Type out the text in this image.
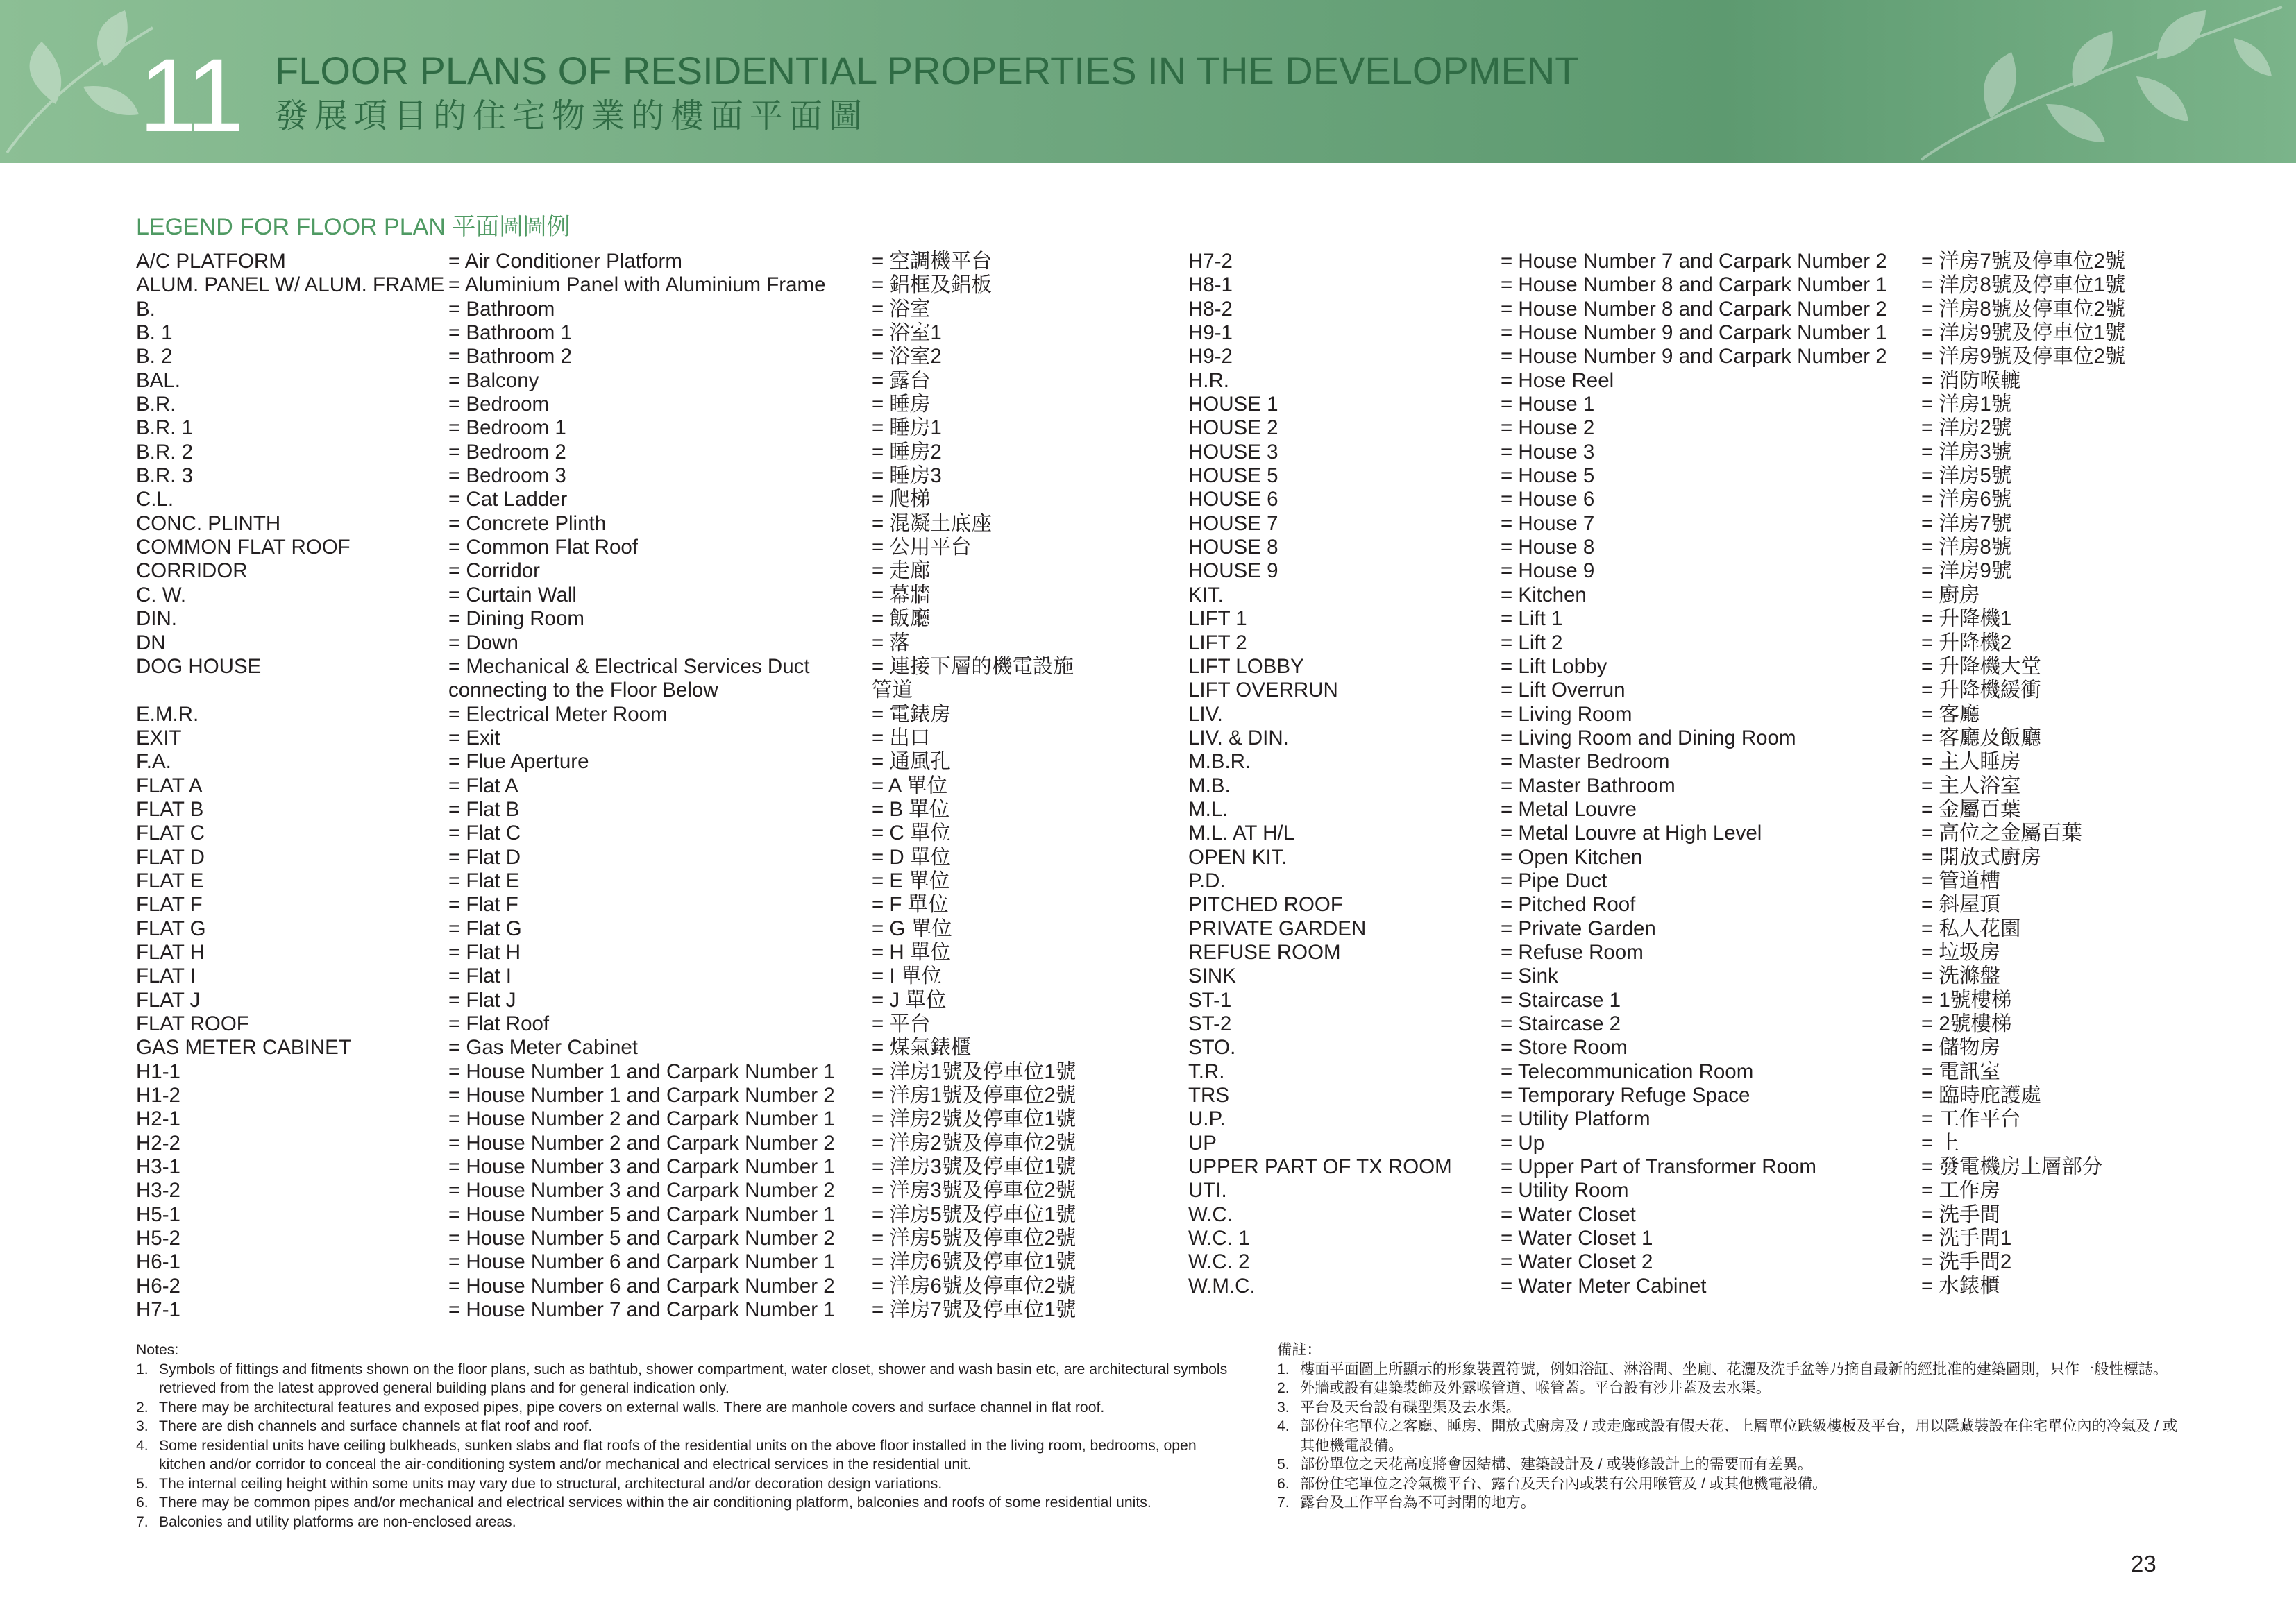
11 FLOOR PLANS OF RESIDENTIAL PROPERTIES IN THE DEVELOPMENT
發展項目的住宅物業的樓面平面圖
LEGEND FOR FLOOR PLAN 平面圖圖例
A/C PLATFORM	= Air Conditioner Platform	= 空調機平台
ALUM. PANEL W/ ALUM. FRAME = Aluminium Panel with Aluminium Frame = 鋁框及鋁板
B.	= Bathroom	= 浴室
B. 1	= Bathroom 1	= 浴室1
B. 2	= Bathroom 2	= 浴室2
BAL.	= Balcony	= 露台
B.R.	= Bedroom	= 睡房
B.R. 1	= Bedroom 1	= 睡房1
B.R. 2	= Bedroom 2	= 睡房2
B.R. 3	= Bedroom 3	= 睡房3
C.L.	= Cat Ladder	= 爬梯
CONC. PLINTH	= Concrete Plinth	= 混凝土底座
COMMON FLAT ROOF	= Common Flat Roof	= 公用平台
CORRIDOR	= Corridor	= 走廊
C. W.	= Curtain Wall	= 幕牆
DIN.	= Dining Room	= 飯廳
DN	= Down	= 落
DOG HOUSE	= Mechanical & Electrical Services Duct	= 連接下層的機電設施
connecting to the Floor Below	管道
E.M.R.	= Electrical Meter Room	= 電錶房
EXIT	= Exit	= 出口
F.A.	= Flue Aperture	= 通風孔
FLAT A	= Flat A	= A 單位
FLAT B	= Flat B	= B 單位
FLAT C	= Flat C	= C 單位
FLAT D	= Flat D	= D 單位
FLAT E	= Flat E	= E 單位
FLAT F	= Flat F	= F 單位
FLAT G	= Flat G	= G 單位
FLAT H	= Flat H	= H 單位
FLAT I	= Flat I	= I 單位
FLAT J	= Flat J	= J 單位
FLAT ROOF	= Flat Roof	= 平台
GAS METER CABINET	= Gas Meter Cabinet	= 煤氣錶櫃
H1-1	= House Number 1 and Carpark Number 1 = 洋房1號及停車位1號
H1-2	= House Number 1 and Carpark Number 2 = 洋房1號及停車位2號
H2-1	= House Number 2 and Carpark Number 1 = 洋房2號及停車位1號
H2-2	= House Number 2 and Carpark Number 2 = 洋房2號及停車位2號
H3-1	= House Number 3 and Carpark Number 1 = 洋房3號及停車位1號
H3-2	= House Number 3 and Carpark Number 2 = 洋房3號及停車位2號
H5-1	= House Number 5 and Carpark Number 1 = 洋房5號及停車位1號
H5-2	= House Number 5 and Carpark Number 2 = 洋房5號及停車位2號
H6-1	= House Number 6 and Carpark Number 1 = 洋房6號及停車位1號
H6-2	= House Number 6 and Carpark Number 2 = 洋房6號及停車位2號
H7-1	= House Number 7 and Carpark Number 1 = 洋房7號及停車位1號
H7-2	= House Number 7 and Carpark Number 2 = 洋房7號及停車位2號
H8-1	= House Number 8 and Carpark Number 1 = 洋房8號及停車位1號
H8-2	= House Number 8 and Carpark Number 2 = 洋房8號及停車位2號
H9-1	= House Number 9 and Carpark Number 1 = 洋房9號及停車位1號
H9-2	= House Number 9 and Carpark Number 2 = 洋房9號及停車位2號
H.R.	= Hose Reel	= 消防喉轆
HOUSE 1	= House 1	= 洋房1號
HOUSE 2	= House 2	= 洋房2號
HOUSE 3	= House 3	= 洋房3號
HOUSE 5	= House 5	= 洋房5號
HOUSE 6	= House 6	= 洋房6號
HOUSE 7	= House 7	= 洋房7號
HOUSE 8	= House 8	= 洋房8號
HOUSE 9	= House 9	= 洋房9號
KIT.	= Kitchen	= 廚房
LIFT 1	= Lift 1	= 升降機1
LIFT 2	= Lift 2	= 升降機2
LIFT LOBBY	= Lift Lobby	= 升降機大堂
LIFT OVERRUN	= Lift Overrun	= 升降機緩衝
LIV.	= Living Room	= 客廳
LIV. & DIN.	= Living Room and Dining Room	= 客廳及飯廳
M.B.R.	= Master Bedroom	= 主人睡房
M.B.	= Master Bathroom	= 主人浴室
M.L.	= Metal Louvre	= 金屬百葉
M.L. AT H/L	= Metal Louvre at High Level	= 高位之金屬百葉
OPEN KIT.	= Open Kitchen	= 開放式廚房
P.D.	= Pipe Duct	= 管道槽
PITCHED ROOF	= Pitched Roof	= 斜屋頂
PRIVATE GARDEN	= Private Garden	= 私人花園
REFUSE ROOM	= Refuse Room	= 垃圾房
SINK	= Sink	= 洗滌盤
ST-1	= Staircase 1	= 1號樓梯
ST-2	= Staircase 2	= 2號樓梯
STO.	= Store Room	= 儲物房
T.R.	= Telecommunication Room	= 電訊室
TRS	= Temporary Refuge Space	= 臨時庇護處
U.P.	= Utility Platform	= 工作平台
UP	= Up	= 上
UPPER PART OF TX ROOM = Upper Part of Transformer Room	= 發電機房上層部分
UTI.	= Utility Room	= 工作房
W.C.	= Water Closet	= 洗手間
W.C. 1	= Water Closet 1	= 洗手間1
W.C. 2	= Water Closet 2	= 洗手間2
W.M.C.	= Water Meter Cabinet	= 水錶櫃
Notes:
1. Symbols of fittings and fitments shown on the floor plans, such as bathtub, shower compartment, water closet, shower and wash basin etc, are architectural symbols retrieved from the latest approved general building plans and for general indication only.
2. There may be architectural features and exposed pipes, pipe covers on external walls. There are manhole covers and surface channel in flat roof.
3. There are dish channels and surface channels at flat roof and roof.
4. Some residential units have ceiling bulkheads, sunken slabs and flat roofs of the residential units on the above floor installed in the living room, bedrooms, open kitchen and/or corridor to conceal the air-conditioning system and/or mechanical and electrical services in the residential unit.
5. The internal ceiling height within some units may vary due to structural, architectural and/or decoration design variations.
6. There may be common pipes and/or mechanical and electrical services within the air conditioning platform, balconies and roofs of some residential units.
7. Balconies and utility platforms are non-enclosed areas.
備註：
1. 樓面平面圖上所顯示的形象裝置符號，例如浴缸、淋浴間、坐廁、花灑及洗手盆等乃摘自最新的經批准的建築圖則，只作一般性標誌。
2. 外牆或設有建築裝飾及外露喉管道、喉管蓋。平台設有沙井蓋及去水渠。
3. 平台及天台設有碟型渠及去水渠。
4. 部份住宅單位之客廳、睡房、開放式廚房及 / 或走廊或設有假天花、上層單位跌級樓板及平台，用以隱藏裝設在住宅單位內的冷氣及 / 或其他機電設備。
5. 部份單位之天花高度將會因結構、建築設計及 / 或裝修設計上的需要而有差異。
6. 部份住宅單位之冷氣機平台、露台及天台內或裝有公用喉管及 / 或其他機電設備。
7. 露台及工作平台為不可封閉的地方。
23
